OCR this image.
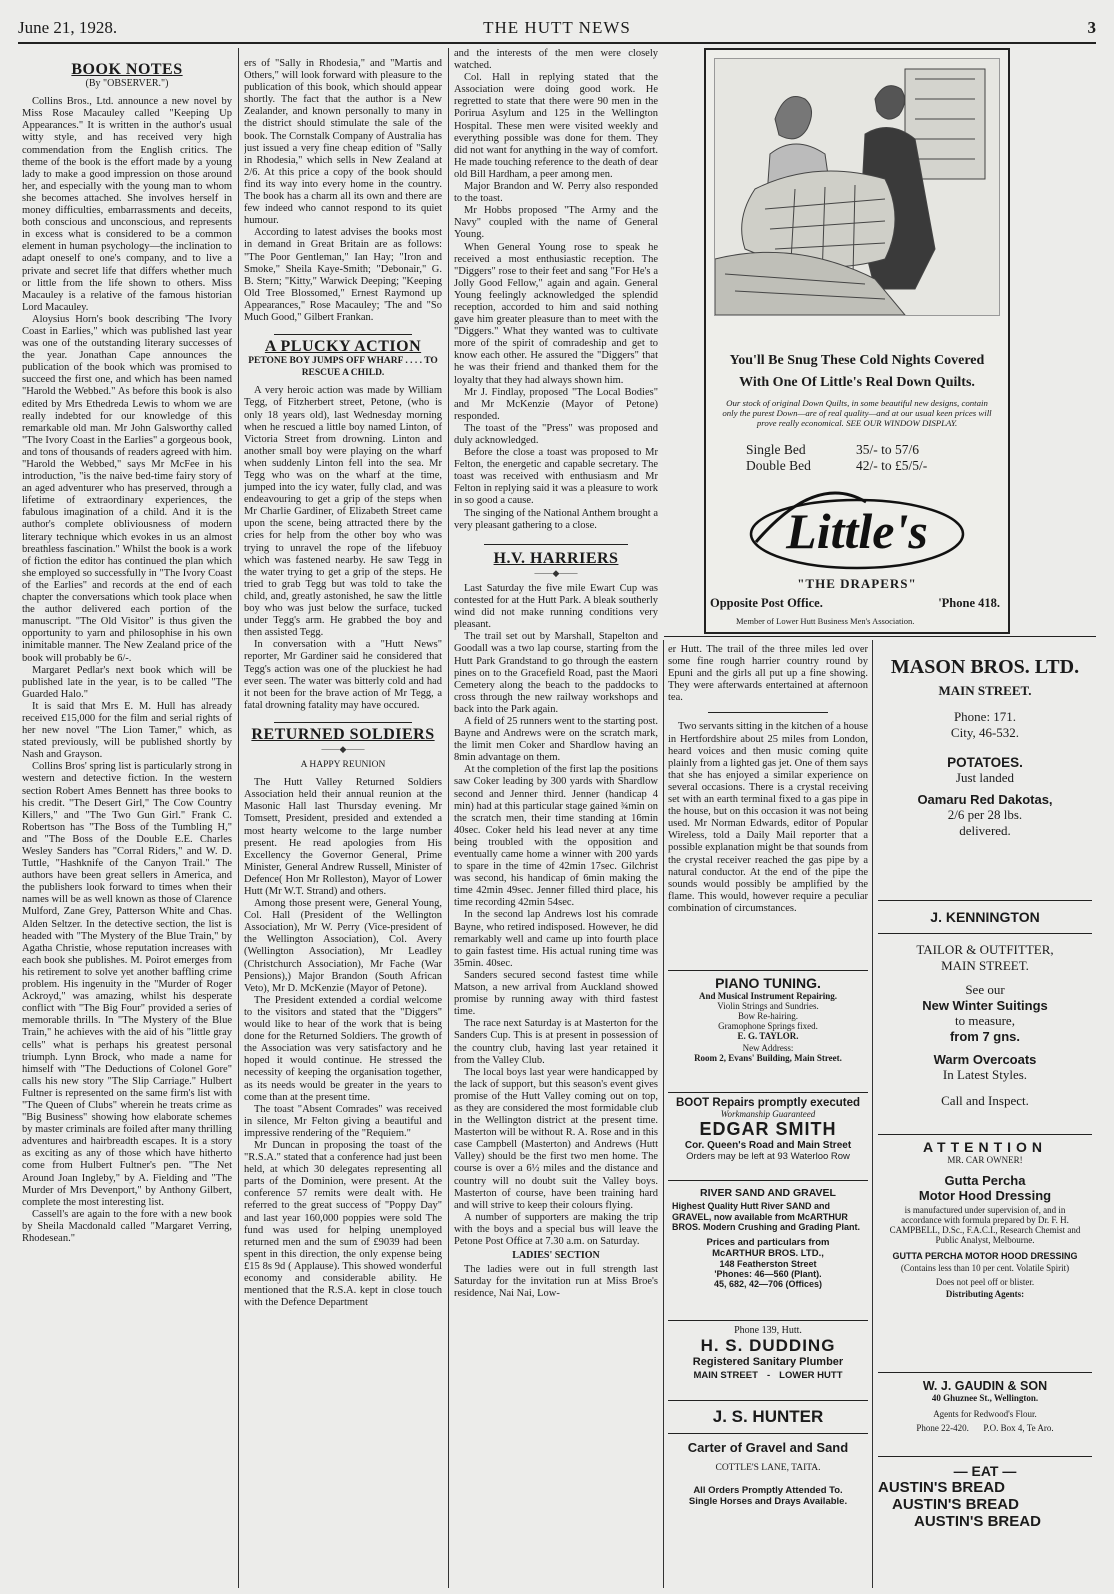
June 21, 1928.	THE HUTT NEWS	3
BOOK NOTES
(By "OBSERVER.")

Collins Bros., Ltd. announce a new novel by Miss Rose Macauley called "Keeping Up Appearances." It is written in the author's usual witty style, and has received very high commendation from the English critics. The theme of the book is the effort made by a young lady to make a good impression on those around her, and especially with the young man to whom she becomes attached. She involves herself in money difficulties, embarrassments and deceits, both conscious and unconscious, and represents in excess what is considered to be a common element in human psychology—the inclination to adapt oneself to one's company, and to live a private and secret life that differs whether much or little from the life shown to others. Miss Macauley is a relative of the famous historian Lord Macauley.

Aloysius Horn's book describing 'The Ivory Coast in Earlies," which was published last year was one of the outstanding literary successes of the year. Jonathan Cape announces the publication of the book which was promised to succeed the first one, and which has been named "Harold the Webbed." As before this book is also edited by Mrs Ethedreda Lewis to whom we are really indebted for our knowledge of this remarkable old man. Mr John Galsworthy called "The Ivory Coast in the Earlies" a gorgeous book, and tons of thousands of readers agreed with him. "Harold the Webbed," says Mr McFee in his introduction, "is the naive bed-time fairy story of an aged adventurer who has preserved, through a lifetime of extraordinary experiences, the fabulous imagination of a child. And it is the author's complete obliviousness of modern literary technique which evokes in us an almost breathless fascination." Whilst the book is a work of fiction the editor has continued the plan which she employed so successfully in "The Ivory Coast of the Earlies" and records at the end of each chapter the conversations which took place when the author delivered each portion of the manuscript. "The Old Visitor" is thus given the opportunity to yarn and philosophise in his own inimitable manner. The New Zealand price of the book will probably be 6/-.

Margaret Pedlar's next book which will be published late in the year, is to be called "The Guarded Halo."

It is said that Mrs E. M. Hull has already received £15,000 for the film and serial rights of her new novel "The Lion Tamer," which, as stated previously, will be published shortly by Nash and Grayson.

Collins Bros' spring list is particularly strong in western and detective fiction. In the western section Robert Ames Bennett has three books to his credit. "The Desert Girl," The Cow Country Killers," and "The Two Gun Girl." Frank C. Robertson has "The Boss of the Tumbling H," and "The Boss of the Double E.E. Charles Wesley Sanders has "Corral Riders," and W. D. Tuttle, "Hashknife of the Canyon Trail." The authors have been great sellers in America, and the publishers look forward to times when their names will be as well known as those of Clarence Mulford, Zane Grey, Patterson White and Chas. Alden Seltzer. In the detective section, the list is headed with "The Mystery of the Blue Train," by Agatha Christie, whose reputation increases with each book she publishes. M. Poirot emerges from his retirement to solve yet another baffling crime problem. His ingenuity in the "Murder of Roger Ackroyd," was amazing, whilst his desperate conflict with "The Big Four" provided a series of memorable thrills. In "The Mystery of the Blue Train," he achieves with the aid of his "little gray cells" what is perhaps his greatest personal triumph. Lynn Brock, who made a name for himself with "The Deductions of Colonel Gore" calls his new story "The Slip Carriage." Hulbert Fultner is represented on the same firm's list with "The Queen of Clubs" wherein he treats crime as "Big Business" showing how elaborate schemes by master criminals are foiled after many thrilling adventures and hairbreadth escapes. It is a story as exciting as any of those which have hitherto come from Hulbert Fultner's pen. "The Net Around Joan Ingleby," by A. Fielding and "The Murder of Mrs Devenport," by Anthony Gilbert, complete the most interesting list.

Cassell's are again to the fore with a new book by Sheila Macdonald called "Margaret Verring, Rhodesean."

ers of "Sally in Rhodesia," and "Martis and Others," will look forward with pleasure to the publication of this book, which should appear shortly. The fact that the author is a New Zealander, and known personally to many in the district should stimulate the sale of the book. The Cornstalk Company of Australia has just issued a very fine cheap edition of "Sally in Rhodesia," which sells in New Zealand at 2/6. At this price a copy of the book should find its way into every home in the country. The book has a charm all its own and there are few indeed who cannot respond to its quiet humour.

According to latest advises the books most in demand in Great Britain are as follows: "The Poor Gentleman," Ian Hay; "Iron and Smoke," Sheila Kaye-Smith; "Debonair," G. B. Stern; "Kitty," Warwick Deeping; "Keeping Old Tree Blossomed," Ernest Raymond up Appearances," Rose Macauley; 'The and "So Much Good," Gilbert Frankan.

A PLUCKY ACTION
PETONE BOY JUMPS OFF WHARF . . . . TO RESCUE A CHILD.

A very heroic action was made by William Tegg, of Fitzherbert street, Petone, (who is only 18 years old), last Wednesday morning when he rescued a little boy named Linton, of Victoria Street from drowning. Linton and another small boy were playing on the wharf when suddenly Linton fell into the sea. Mr Tegg who was on the wharf at the time, jumped into the icy water, fully clad, and was endeavouring to get a grip of the steps when Mr Charlie Gardiner, of Elizabeth Street came upon the scene, being attracted there by the cries for help from the other boy who was trying to unravel the rope of the lifebuoy which was fastened nearby. He saw Tegg in the water trying to get a grip of the steps. He tried to grab Tegg but was told to take the child, and, greatly astonished, he saw the little boy who was just below the surface, tucked under Tegg's arm. He grabbed the boy and then assisted Tegg.

In conversation with a "Hutt News" reporter, Mr Gardiner said he considered that Tegg's action was one of the pluckiest he had ever seen. The water was bitterly cold and had it not been for the brave action of Mr Tegg, a fatal drowning fatality may have occured.

RETURNED SOLDIERS
——◆——
A HAPPY REUNION

The Hutt Valley Returned Soldiers Association held their annual reunion at the Masonic Hall last Thursday evening. Mr Tomsett, President, presided and extended a most hearty welcome to the large number present. He read apologies from His Excellency the Governor General, Prime Minister, General Andrew Russell, Minister of Defence( Hon Mr Rolleston), Mayor of Lower Hutt (Mr W.T. Strand) and others.

Among those present were, General Young, Col. Hall (President of the Wellington Association), Mr W. Perry (Vice-president of the Wellington Association), Col. Avery (Wellington Association), Mr Leadley (Christchurch Association), Mr Fache (War Pensions),) Major Brandon (South African Veto), Mr D. McKenzie (Mayor of Petone).

The President extended a cordial welcome to the visitors and stated that the "Diggers" would like to hear of the work that is being done for the Returned Soldiers. The growth of the Association was very satisfactory and he hoped it would continue. He stressed the necessity of keeping the organisation together, as its needs would be greater in the years to come than at the present time.

The toast "Absent Comrades" was received in silence, Mr Felton giving a beautiful and impressive rendering of the "Requiem."

Mr Duncan in proposing the toast of the "R.S.A." stated that a conference had just been held, at which 30 delegates representing all parts of the Dominion, were present. At the conference 57 remits were dealt with. He referred to the great success of "Poppy Day" and last year 160,000 poppies were sold The fund was used for helping unemployed returned men and the sum of £9039 had been spent in this direction, the only expense being £15 8s 9d ( Applause). This showed wonderful economy and considerable ability. He mentioned that the R.S.A. kept in close touch with the Defence Department

and the interests of the men were closely watched.

Col. Hall in replying stated that the Association were doing good work. He regretted to state that there were 90 men in the Porirua Asylum and 125 in the Wellington Hospital. These men were visited weekly and everything possible was done for them. They did not want for anything in the way of comfort. He made touching reference to the death of dear old Bill Hardham, a peer among men.

Major Brandon and W. Perry also responded to the toast.

Mr Hobbs proposed "The Army and the Navy" coupled with the name of General Young.

When General Young rose to speak he received a most enthusiastic reception. The "Diggers" rose to their feet and sang "For He's a Jolly Good Fellow," again and again. General Young feelingly acknowledged the splendid reception, accorded to him and said nothing gave him greater pleasure than to meet with the "Diggers." What they wanted was to cultivate more of the spirit of comradeship and get to know each other. He assured the "Diggers" that he was their friend and thanked them for the loyalty that they had always shown him.

Mr J. Findlay, proposed "The Local Bodies" and Mr McKenzie (Mayor of Petone) responded.

The toast of the "Press" was proposed and duly acknowledged.

Before the close a toast was proposed to Mr Felton, the energetic and capable secretary. The toast was received with enthusiasm and Mr Felton in replying said it was a pleasure to work in so good a cause.

The singing of the National Anthem brought a very pleasant gathering to a close.

H.V. HARRIERS
——◆——

Last Saturday the five mile Ewart Cup was contested for at the Hutt Park. A bleak southerly wind did not make running conditions very pleasant.

The trail set out by Marshall, Stapelton and Goodall was a two lap course, starting from the Hutt Park Grandstand to go through the eastern pines on to the Gracefield Road, past the Maori Cemetery along the beach to the paddocks to cross through the new railway workshops and back into the Park again.

A field of 25 runners went to the starting post. Bayne and Andrews were on the scratch mark, the limit men Coker and Shardlow having an 8min advantage on them.

At the completion of the first lap the positions saw Coker leading by 300 yards with Shardlow second and Jenner third. Jenner (handicap 4 min) had at this particular stage gained ¾min on the scratch men, their time standing at 16min 40sec. Coker held his lead never at any time being troubled with the opposition and eventually came home a winner with 200 yards to spare in the time of 42min 17sec. Gilchrist was second, his handicap of 6min making the time 42min 49sec. Jenner filled third place, his time recording 42min 54sec.

In the second lap Andrews lost his comrade Bayne, who retired indisposed. However, he did remarkably well and came up into fourth place to gain fastest time. His actual runing time was 35min. 40sec.

Sanders secured second fastest time while Matson, a new arrival from Auckland showed promise by running away with third fastest time.

The race next Saturday is at Masterton for the Sanders Cup. This is at present in possession of the country club, having last year retained it from the Valley Club.

The local boys last year were handicapped by the lack of support, but this season's event gives promise of the Hutt Valley coming out on top, as they are considered the most formidable club in the Wellington district at the present time. Masterton will be without R. A. Rose and in this case Campbell (Masterton) and Andrews (Hutt Valley) should be the first two men home. The course is over a 6½ miles and the distance and country will no doubt suit the Valley boys. Masterton of course, have been training hard and will strive to keep their colours flying.

A number of supporters are making the trip with the boys and a special bus will leave the Petone Post Office at 7.30 a.m. on Saturday.

LADIES' SECTION

The ladies were out in full strength last Saturday for the invitation run at Miss Broe's residence, Nai Nai, Low-

You'll Be Snug These Cold Nights Covered
With One Of Little's Real Down Quilts.
Our stock of original Down Quilts, in some beautiful new designs, contain only the purest Down—are of real quality—and at our usual keen prices will prove really economical. SEE OUR WINDOW DISPLAY.
Single Bed	35/- to 57/6
Double Bed	42/- to £5/5/-
Little's
"THE DRAPERS"
Opposite Post Office.	'Phone 418.
Member of Lower Hutt Business Men's Association.

er Hutt. The trail of the three miles led over some fine rough harrier country round by Epuni and the girls all put up a fine showing. They were afterwards entertained at afternoon tea.

Two servants sitting in the kitchen of a house in Hertfordshire about 25 miles from London, heard voices and then music coming quite plainly from a lighted gas jet. One of them says that she has enjoyed a similar experience on several occasions. There is a crystal receiving set with an earth terminal fixed to a gas pipe in the house, but on this occasion it was not being used. Mr Norman Edwards, editor of Popular Wireless, told a Daily Mail reporter that a possible explanation might be that sounds from the crystal receiver reached the gas pipe by a natural conductor. At the end of the pipe the sounds would possibly be amplified by the flame. This would, however require a peculiar combination of circumstances.

PIANO TUNING.
And Musical Instrument Repairing.
Violin Strings and Sundries.
Bow Re-hairing.
Gramophone Springs fixed.
E. G. TAYLOR.
New Address:
Room 2, Evans' Building, Main Street.
BOOT Repairs promptly executed
Workmanship Guaranteed
EDGAR SMITH
Cor. Queen's Road and Main Street
Orders may be left at 93 Waterloo Row
RIVER SAND AND GRAVEL
Highest Quality Hutt River SAND and GRAVEL, now available from McARTHUR BROS. Modern Crushing and Grading Plant.
Prices and particulars from
McARTHUR BROS. LTD.,
148 Featherston Street
'Phones: 46—560 (Plant).
45, 682, 42—706 (Offices)
Phone 139, Hutt.
H. S. DUDDING
Registered Sanitary Plumber
MAIN STREET - LOWER HUTT
J. S. HUNTER
Carter of Gravel and Sand
COTTLE'S LANE, TAITA.
All Orders Promptly Attended To.
Single Horses and Drays Available.
MASON BROS. LTD.
MAIN STREET.
Phone: 171.
City, 46-532.
POTATOES.
Just landed
Oamaru Red Dakotas,
2/6 per 28 lbs.
delivered.
J. KENNINGTON
TAILOR & OUTFITTER,
MAIN STREET.
See our
New Winter Suitings
to measure,
from 7 gns.
Warm Overcoats
In Latest Styles.
Call and Inspect.
ATTENTION
MR. CAR OWNER!
Gutta Percha
Motor Hood Dressing
is manufactured under supervision of, and in accordance with formula prepared by Dr. F. H. CAMPBELL, D.Sc., F.A.C.I., Research Chemist and Public Analyst, Melbourne.
GUTTA PERCHA MOTOR HOOD DRESSING
(Contains less than 10 per cent. Volatile Spirit)
Does not peel off or blister.
Distributing Agents:
W. J. GAUDIN & SON
40 Ghuznee St., Wellington.
Agents for Redwood's Flour.
Phone 22-420. P.O. Box 4, Te Aro.
— EAT —
AUSTIN'S BREAD
AUSTIN'S BREAD
AUSTIN'S BREAD
